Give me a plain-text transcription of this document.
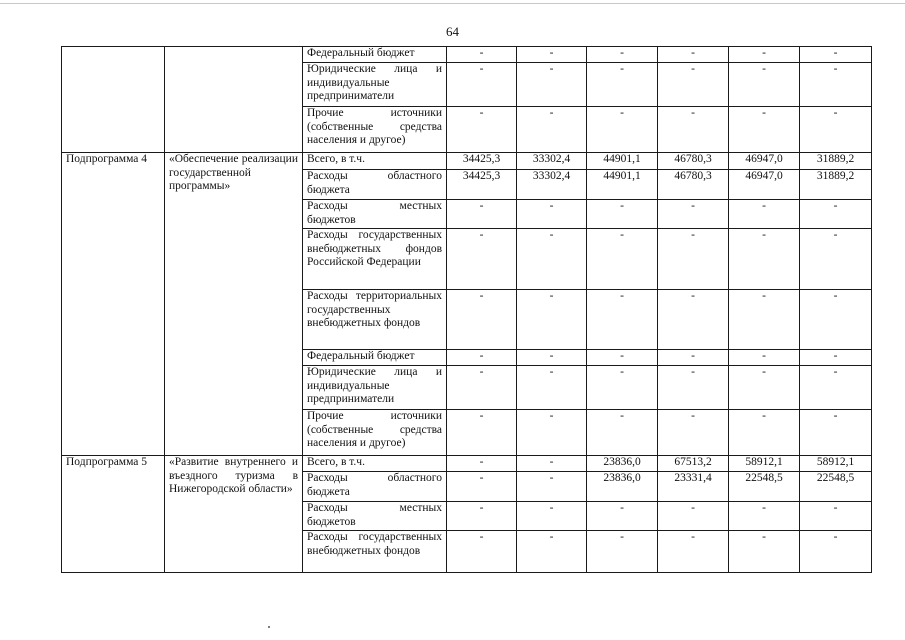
64
		Федеральный бюджет	-	-	-	-	-	-
		Юридические лица и индивидуальные предприниматели	-	-	-	-	-	-
		Прочие источники (собственные средства населения и другое)	-	-	-	-	-	-
Подпрограмма 4	«Обеспечение реализации государственной программы»	Всего, в т.ч.	34425,3	33302,4	44901,1	46780,3	46947,0	31889,2
		Расходы областного бюджета	34425,3	33302,4	44901,1	46780,3	46947,0	31889,2
		Расходы местных бюджетов	-	-	-	-	-	-
		Расходы государственных внебюджетных фондов Российской Федерации	-	-	-	-	-	-
		Расходы территориальных государственных внебюджетных фондов	-	-	-	-	-	-
		Федеральный бюджет	-	-	-	-	-	-
		Юридические лица и индивидуальные предприниматели	-	-	-	-	-	-
		Прочие источники (собственные средства населения и другое)	-	-	-	-	-	-
Подпрограмма 5	«Развитие внутреннего и въездного туризма в Нижегородской области»	Всего, в т.ч.	-	-	23836,0	67513,2	58912,1	58912,1
		Расходы областного бюджета	-	-	23836,0	23331,4	22548,5	22548,5
		Расходы местных бюджетов	-	-	-	-	-	-
		Расходы государственных внебюджетных фондов	-	-	-	-	-	-
